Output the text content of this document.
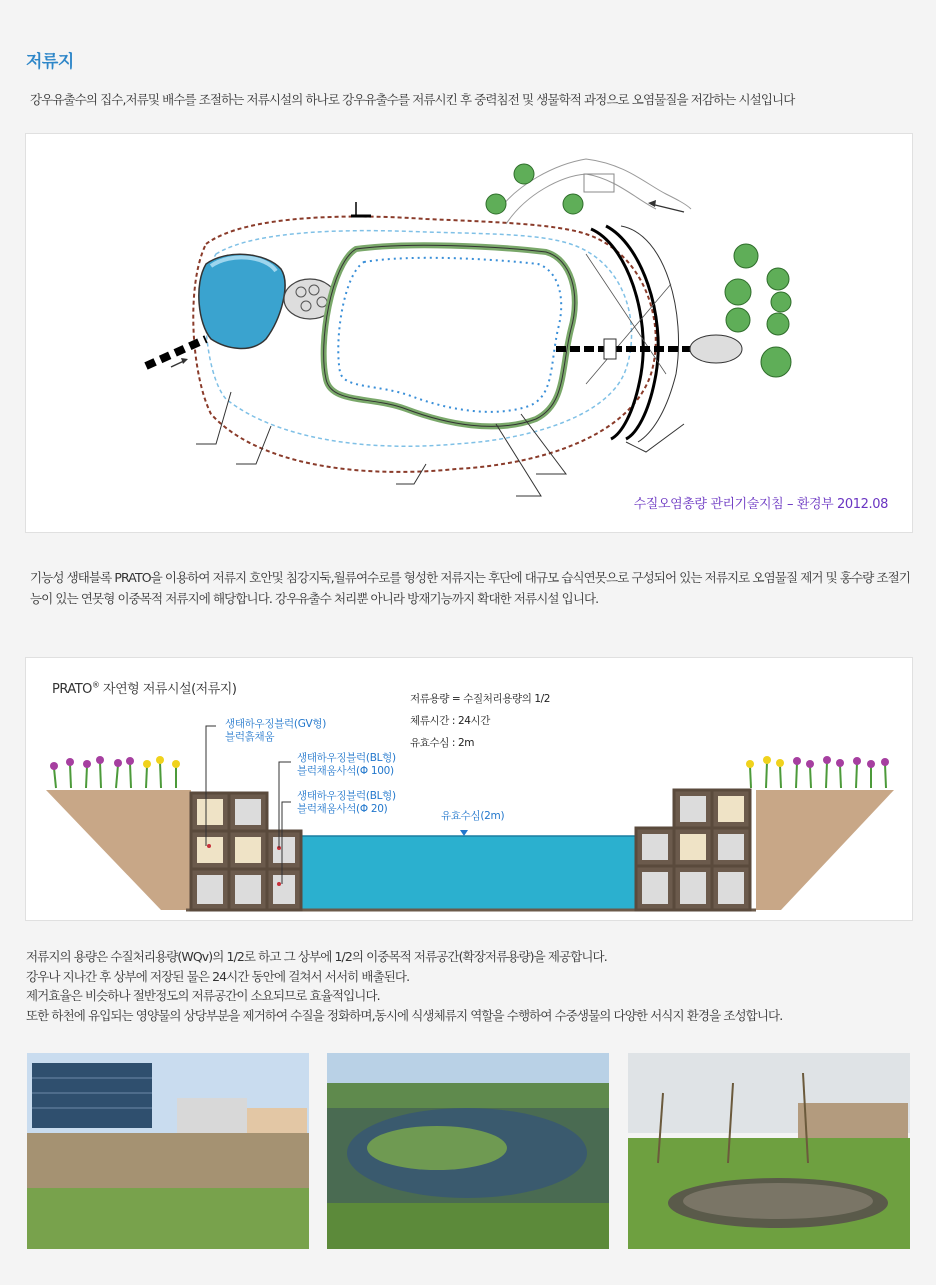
저류지
강우유출수의 집수,저류및 배수를 조절하는 저류시설의 하나로 강우유출수를 저류시킨 후 중력침전 및 생물학적 과정으로 오염물질을 저감하는 시설입니다
수질오염총량 관리기술지침 – 환경부 2012.08
기능성 생태블록 PRATO을 이용하여 저류지 호안및 침강지둑,월류여수로를 형성한 저류지는 후단에 대규모 습식연못으로 구성되어 있는 저류지로 오염물질 제거 및 홍수량 조절기능이 있는 연못형 이중목적 저류지에 해당합니다. 강우유출수 처리뿐 아니라 방재기능까지 확대한 저류시설 입니다.
PRATO® 자연형 저류시설(저류지)
저류용량 = 수질처리용량의 1/2
체류시간 : 24시간
유효수심 : 2m
생태하우징블럭(GV형)
블럭흙채움
생태하우징블럭(BL형)
블럭채움사석(Φ 100)
생태하우징블럭(BL형)
블럭채움사석(Φ 20)
유효수심(2m)
저류지의 용량은 수질처리용량(WQv)의 1/2로 하고 그 상부에 1/2의 이중목적 저류공간(확장저류용량)을 제공합니다.
강우나 지나간 후 상부에 저장된 물은 24시간 동안에 걸쳐서 서서히 배출된다.
제거효율은 비슷하나 절반정도의 저류공간이 소요되므로 효율적입니다.
또한 하천에 유입되는 영양물의 상당부분을 제거하여 수질을 정화하며,동시에 식생체류지 역할을 수행하여 수중생물의 다양한 서식지 환경을 조성합니다.
